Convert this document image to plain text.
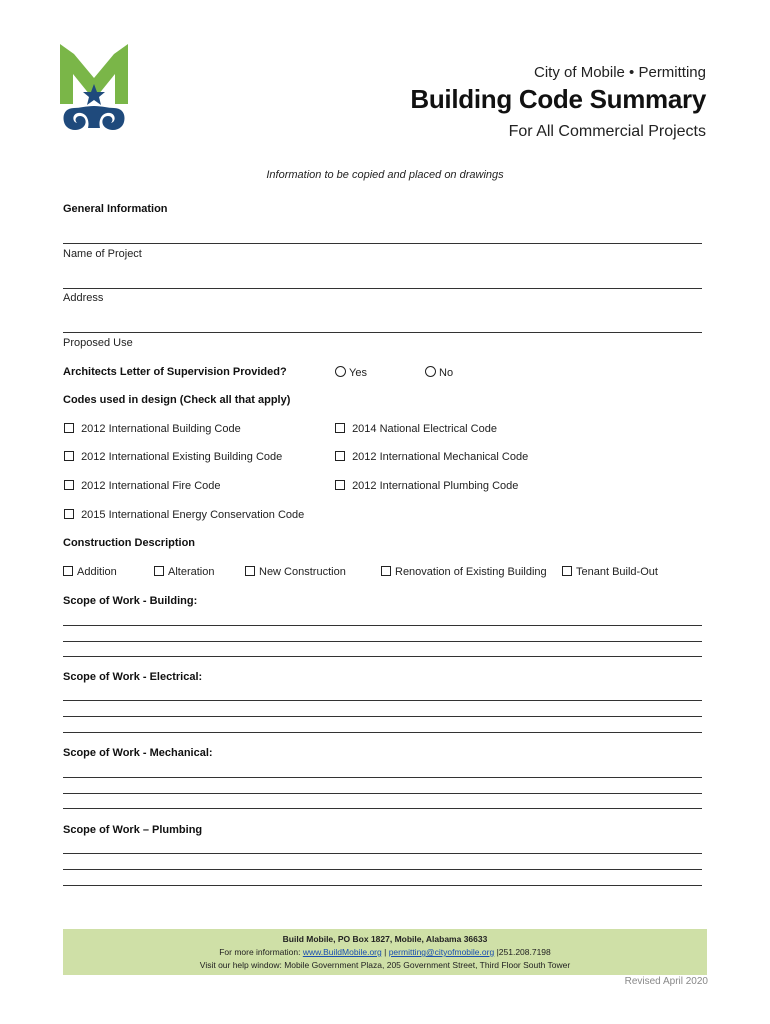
City of Mobile • Permitting
Building Code Summary
For All Commercial Projects
Information to be copied and placed on drawings
General Information
Name of Project
Address
Proposed Use
Architects Letter of Supervision Provided?	Yes	No
Codes used in design (Check all that apply)
2012 International Building Code	2014 National Electrical Code
2012 International Existing Building Code	2012 International Mechanical Code
2012 International Fire Code	2012 International Plumbing Code
2015 International Energy Conservation Code
Construction Description
Addition	Alteration	New Construction	Renovation of Existing Building	Tenant Build-Out
Scope of Work - Building:
Scope of Work - Electrical:
Scope of Work - Mechanical:
Scope of Work – Plumbing
Build Mobile, PO Box 1827, Mobile, Alabama 36633
For more information: www.BuildMobile.org | permitting@cityofmobile.org |251.208.7198
Visit our help window: Mobile Government Plaza, 205 Government Street, Third Floor South Tower
Revised April 2020
